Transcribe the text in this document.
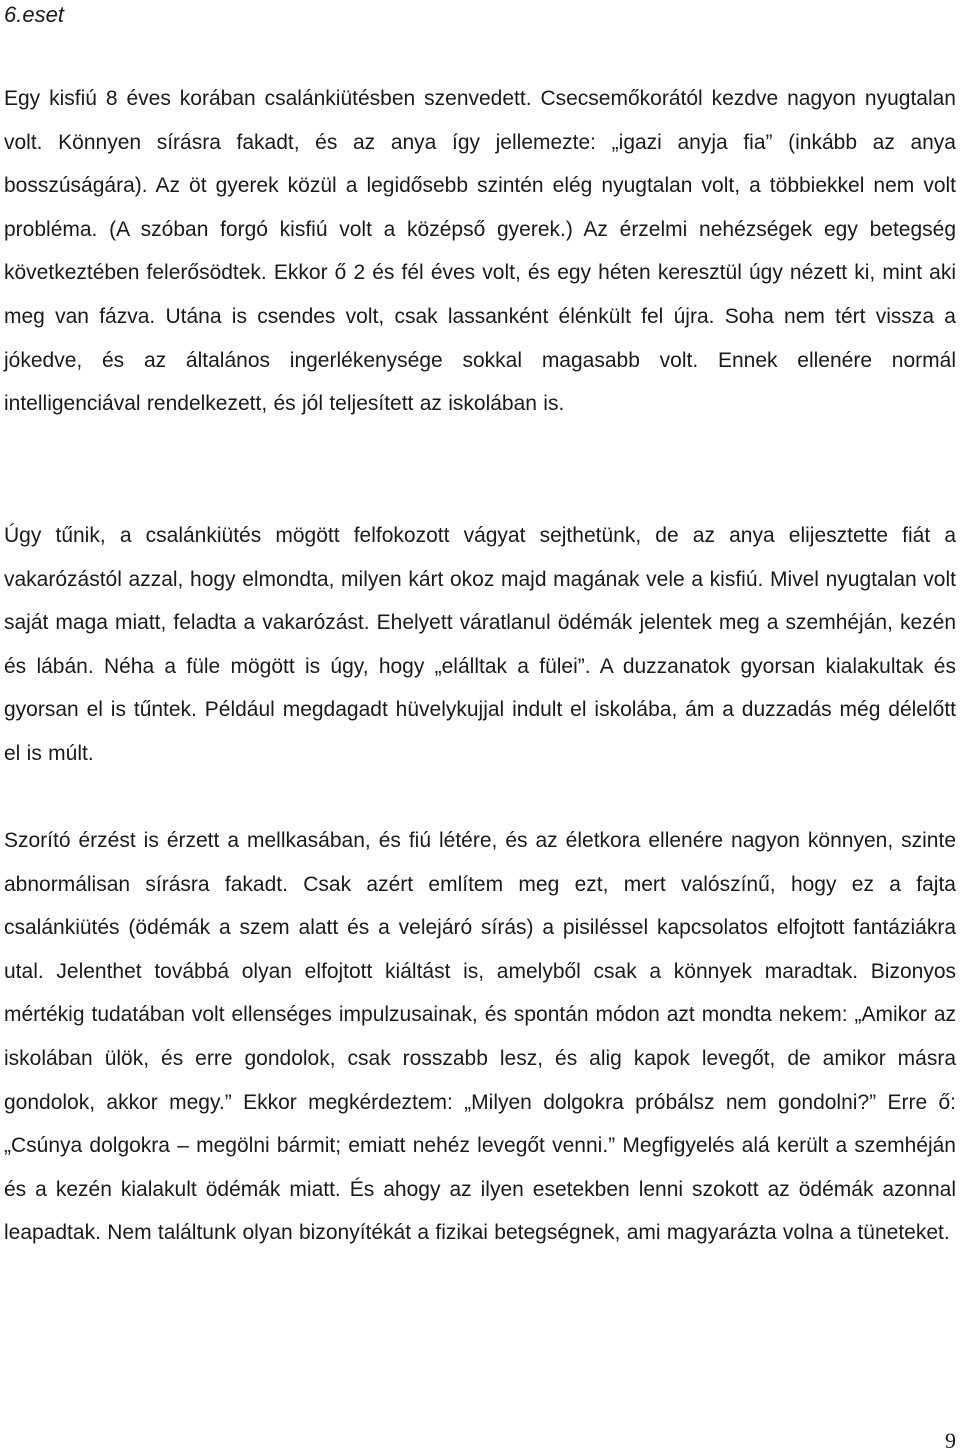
6.eset

Egy kisfiú 8 éves korában csalánkiütésben szenvedett. Csecsemőkorától kezdve nagyon nyugtalan volt. Könnyen sírásra fakadt, és az anya így jellemezte: „igazi anyja fia” (inkább az anya bosszúságára). Az öt gyerek közül a legidősebb szintén elég nyugtalan volt, a többiekkel nem volt probléma. (A szóban forgó kisfiú volt a középső gyerek.) Az érzelmi nehézségek egy betegség következtében felerősödtek. Ekkor ő 2 és fél éves volt, és egy héten keresztül úgy nézett ki, mint aki meg van fázva. Utána is csendes volt, csak lassanként élénkült fel újra. Soha nem tért vissza a jókedve, és az általános ingerlékenysége sokkal magasabb volt. Ennek ellenére normál intelligenciával rendelkezett, és jól teljesített az iskolában is.

Úgy tűnik, a csalánkiütés mögött felfokozott vágyat sejthetünk, de az anya elijesztette fiát a vakarózástól azzal, hogy elmondta, milyen kárt okoz majd magának vele a kisfiú. Mivel nyugtalan volt saját maga miatt, feladta a vakarózást. Ehelyett váratlanul ödémák jelentek meg a szemhéján, kezén és lábán. Néha a füle mögött is úgy, hogy „elálltak a fülei”. A duzzanatok gyorsan kialakultak és gyorsan el is tűntek. Például megdagadt hüvelykujjal indult el iskolába, ám a duzzadás még délelőtt el is múlt.

Szorító érzést is érzett a mellkasában, és fiú létére, és az életkora ellenére nagyon könnyen, szinte abnormálisan sírásra fakadt. Csak azért említem meg ezt, mert valószínű, hogy ez a fajta csalánkiütés (ödémák a szem alatt és a velejáró sírás) a pisiléssel kapcsolatos elfojtott fantáziákra utal. Jelenthet továbbá olyan elfojtott kiáltást is, amelyből csak a könnyek maradtak. Bizonyos mértékig tudatában volt ellenséges impulzusainak, és spontán módon azt mondta nekem: „Amikor az iskolában ülök, és erre gondolok, csak rosszabb lesz, és alig kapok levegőt, de amikor másra gondolok, akkor megy.” Ekkor megkérdeztem: „Milyen dolgokra próbálsz nem gondolni?” Erre ő: „Csúnya dolgokra – megölni bármit; emiatt nehéz levegőt venni.” Megfigyelés alá került a szemhéján és a kezén kialakult ödémák miatt. És ahogy az ilyen esetekben lenni szokott az ödémák azonnal leapadtak. Nem találtunk olyan bizonyítékát a fizikai betegségnek, ami magyarázta volna a tüneteket.

9
